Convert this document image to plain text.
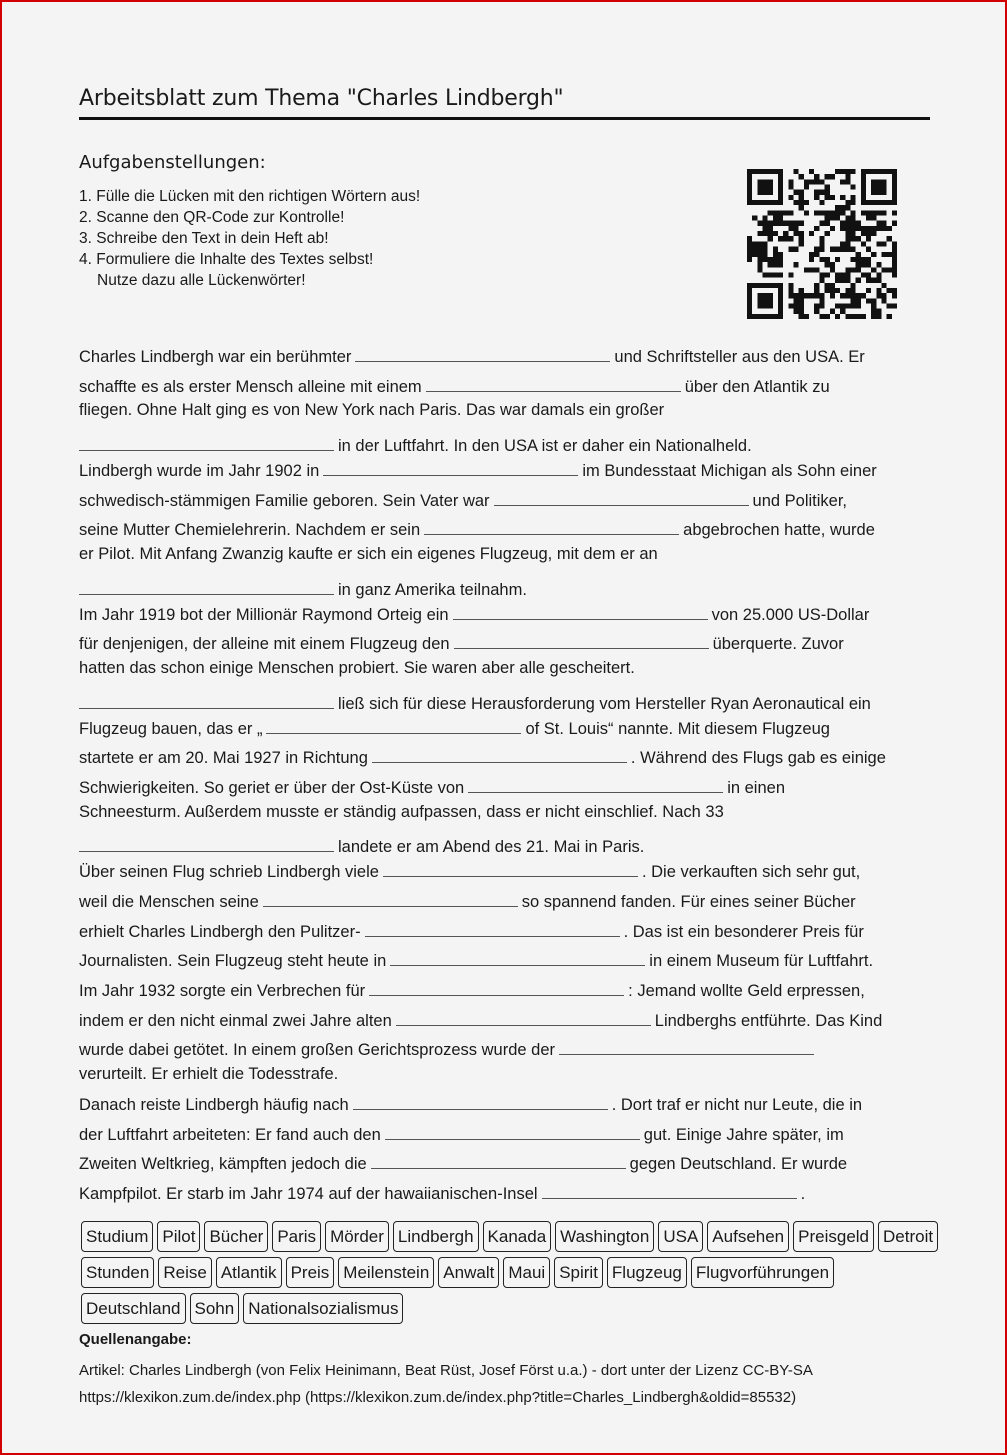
Arbeitsblatt zum Thema "Charles Lindbergh"
Aufgabenstellungen:
1. Fülle die Lücken mit den richtigen Wörtern aus!
2. Scanne den QR-Code zur Kontrolle!
3. Schreibe den Text in dein Heft ab!
4. Formuliere die Inhalte des Textes selbst!
Nutze dazu alle Lückenwörter!
Charles Lindbergh war ein berühmter	und Schriftsteller aus den USA. Er
schaffte es als erster Mensch alleine mit einem	über den Atlantik zu
fliegen. Ohne Halt ging es von New York nach Paris. Das war damals ein großer
in der Luftfahrt. In den USA ist er daher ein Nationalheld.
Lindbergh wurde im Jahr 1902 in	im Bundesstaat Michigan als Sohn einer
schwedisch-stämmigen Familie geboren. Sein Vater war	und Politiker,
seine Mutter Chemielehrerin. Nachdem er sein	abgebrochen hatte, wurde
er Pilot. Mit Anfang Zwanzig kaufte er sich ein eigenes Flugzeug, mit dem er an
in ganz Amerika teilnahm.
Im Jahr 1919 bot der Millionär Raymond Orteig ein	von 25.000 US-Dollar
für denjenigen, der alleine mit einem Flugzeug den	überquerte. Zuvor
hatten das schon einige Menschen probiert. Sie waren aber alle gescheitert.
ließ sich für diese Herausforderung vom Hersteller Ryan Aeronautical ein
Flugzeug bauen, das er „	of St. Louis“ nannte. Mit diesem Flugzeug
startete er am 20. Mai 1927 in Richtung	. Während des Flugs gab es einige
Schwierigkeiten. So geriet er über der Ost-Küste von	in einen
Schneesturm. Außerdem musste er ständig aufpassen, dass er nicht einschlief. Nach 33
landete er am Abend des 21. Mai in Paris.
Über seinen Flug schrieb Lindbergh viele	. Die verkauften sich sehr gut,
weil die Menschen seine	so spannend fanden. Für eines seiner Bücher
erhielt Charles Lindbergh den Pulitzer-	. Das ist ein besonderer Preis für
Journalisten. Sein Flugzeug steht heute in	in einem Museum für Luftfahrt.
Im Jahr 1932 sorgte ein Verbrechen für	: Jemand wollte Geld erpressen,
indem er den nicht einmal zwei Jahre alten	Lindberghs entführte. Das Kind
wurde dabei getötet. In einem großen Gerichtsprozess wurde der
verurteilt. Er erhielt die Todesstrafe.
Danach reiste Lindbergh häufig nach	. Dort traf er nicht nur Leute, die in
der Luftfahrt arbeiteten: Er fand auch den	gut. Einige Jahre später, im
Zweiten Weltkrieg, kämpften jedoch die	gegen Deutschland. Er wurde
Kampfpilot. Er starb im Jahr 1974 auf der hawaiianischen-Insel	.
Studium Pilot Bücher Paris Mörder Lindbergh Kanada Washington USA Aufsehen Preisgeld Detroit
Stunden Reise Atlantik Preis Meilenstein Anwalt Maui Spirit Flugzeug Flugvorführungen
Deutschland Sohn Nationalsozialismus
Quellenangabe:
Artikel: Charles Lindbergh (von Felix Heinimann, Beat Rüst, Josef Först u.a.) - dort unter der Lizenz CC-BY-SA
https://klexikon.zum.de/index.php (https://klexikon.zum.de/index.php?title=Charles_Lindbergh&oldid=85532)
